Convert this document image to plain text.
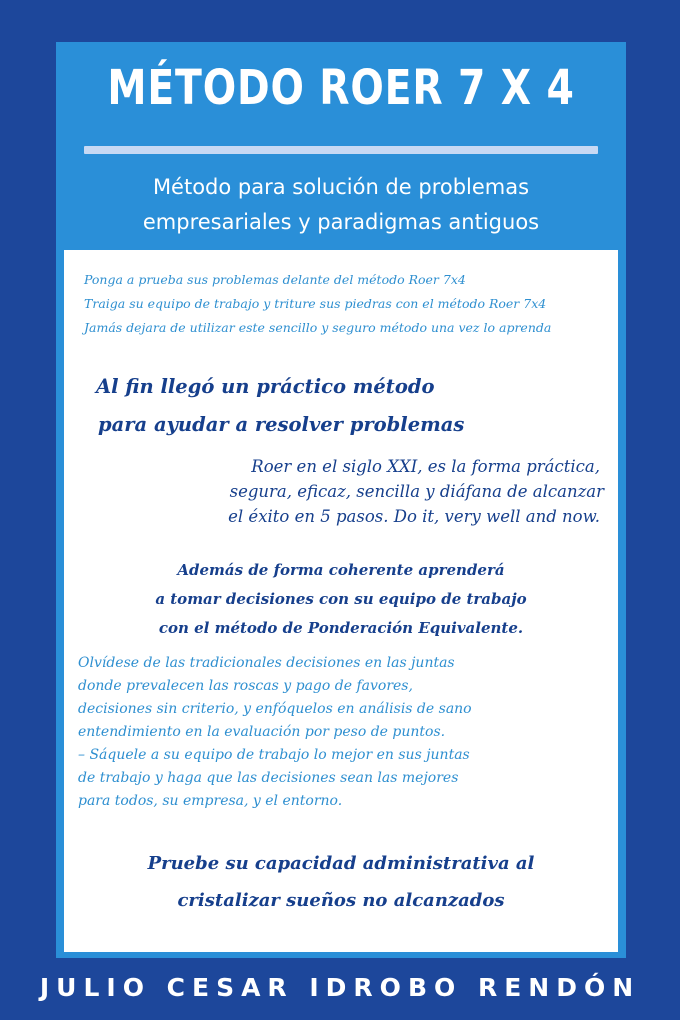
MÉTODO ROER 7 X 4
Método para solución de problemas
empresariales y paradigmas antiguos
Ponga a prueba sus problemas delante del método Roer 7x4
Traiga su equipo de trabajo y triture sus piedras con el método Roer 7x4
Jamás dejara de utilizar este sencillo y seguro método una vez lo aprenda
Al fin llegó un práctico método
para ayudar a resolver problemas
Roer en el siglo XXI, es la forma práctica,
segura, eficaz, sencilla y diáfana de alcanzar
el éxito en 5 pasos. Do it, very well and now.
Además de forma coherente aprenderá
a tomar decisiones con su equipo de trabajo
con el método de Ponderación Equivalente.
Olvídese de las tradicionales decisiones en las juntas
donde prevalecen las roscas y pago de favores,
decisiones sin criterio, y enfóquelos en análisis de sano
entendimiento en la evaluación por peso de puntos.
– Sáquele a su equipo de trabajo lo mejor en sus juntas
de trabajo y haga que las decisiones sean las mejores
para todos, su empresa, y el entorno.
Pruebe su capacidad administrativa al
cristalizar sueños no alcanzados
JULIO CESAR IDROBO RENDÓN
